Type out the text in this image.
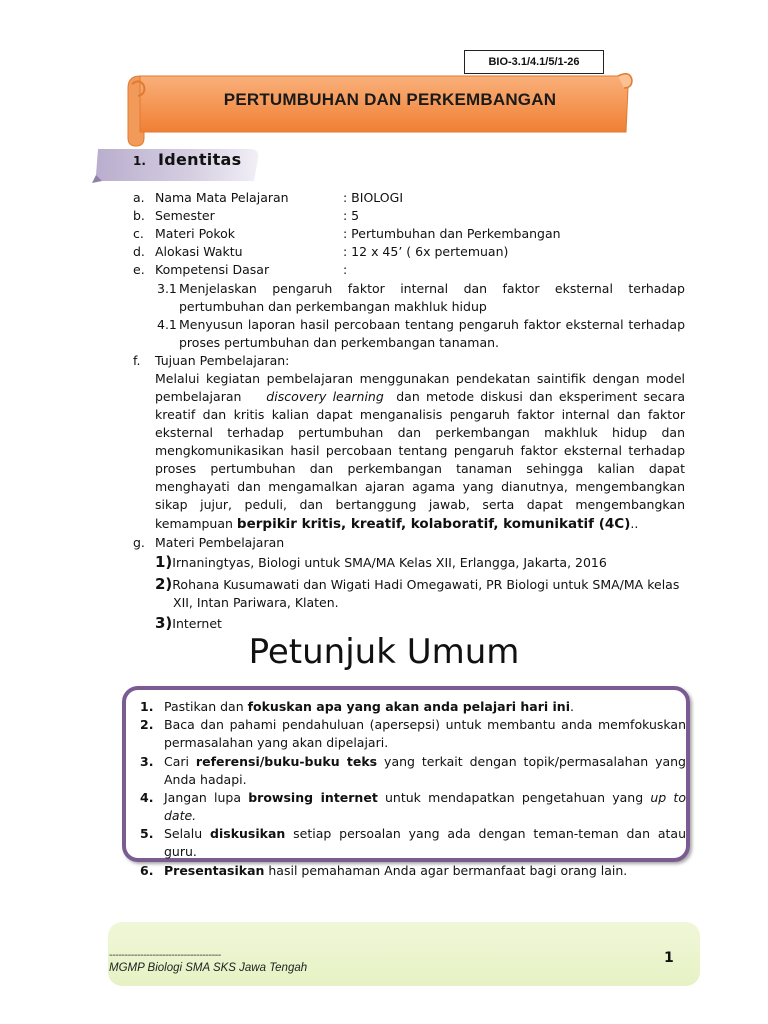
BIO-3.1/4.1/5/1-26
PERTUMBUHAN DAN PERKEMBANGAN
1. Identitas
a. Nama Mata Pelajaran	: BIOLOGI
b. Semester	: 5
c. Materi Pokok	: Pertumbuhan dan Perkembangan
d. Alokasi Waktu	: 12 x 45’ ( 6x pertemuan)
e. Kompetensi Dasar	:
3.1 Menjelaskan pengaruh faktor internal dan faktor eksternal terhadap
pertumbuhan dan perkembangan makhluk hidup
4.1 Menyusun laporan hasil percobaan tentang pengaruh faktor eksternal terhadap
proses pertumbuhan dan perkembangan tanaman.
f. Tujuan Pembelajaran:
Melalui kegiatan pembelajaran menggunakan pendekatan saintifik dengan model
pembelajaran discovery learning dan metode diskusi dan eksperiment secara
kreatif dan kritis kalian dapat menganalisis pengaruh faktor internal dan faktor
eksternal terhadap pertumbuhan dan perkembangan makhluk hidup dan
mengkomunikasikan hasil percobaan tentang pengaruh faktor eksternal terhadap
proses pertumbuhan dan perkembangan tanaman sehingga kalian dapat
menghayati dan mengamalkan ajaran agama yang dianutnya, mengembangkan
sikap jujur, peduli, dan bertanggung jawab, serta dapat mengembangkan
kemampuan berpikir kritis, kreatif, kolaboratif, komunikatif (4C)..
g. Materi Pembelajaran
1)Irnaningtyas, Biologi untuk SMA/MA Kelas XII, Erlangga, Jakarta, 2016
2)Rohana Kusumawati dan Wigati Hadi Omegawati, PR Biologi untuk SMA/MA kelas
XII, Intan Pariwara, Klaten.
3)Internet
Petunjuk Umum
1. Pastikan dan fokuskan apa yang akan anda pelajari hari ini.
2. Baca dan pahami pendahuluan (apersepsi) untuk membantu anda memfokuskan
permasalahan yang akan dipelajari.
3. Cari referensi/buku-buku teks yang terkait dengan topik/permasalahan yang
Anda hadapi.
4. Jangan lupa browsing internet untuk mendapatkan pengetahuan yang up to
date.
5. Selalu diskusikan setiap persoalan yang ada dengan teman-teman dan atau
guru.
6. Presentasikan hasil pemahaman Anda agar bermanfaat bagi orang lain.
------------------------------------
MGMP Biologi SMA SKS Jawa Tengah
1
